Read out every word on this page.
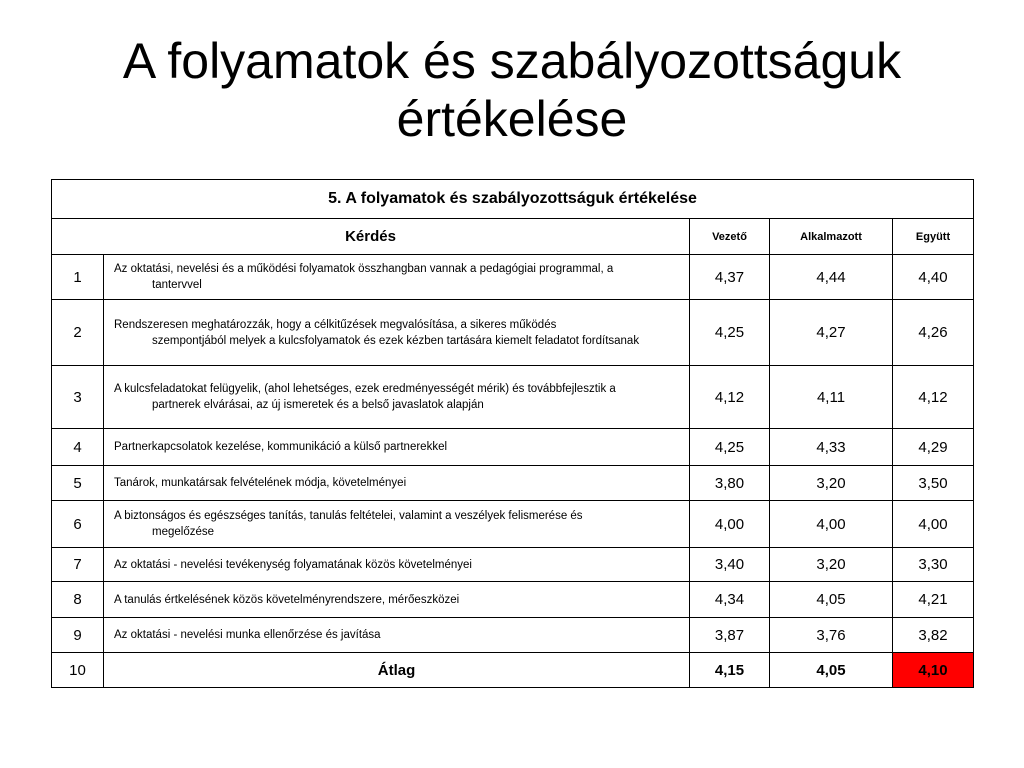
A folyamatok és szabályozottságuk
értékelése
5. A folyamatok és szabályozottságuk értékelése				
Kérdés		Vezető	Alkalmazott	Együtt
1	Az oktatási, nevelési és a működési folyamatok összhangban vannak a pedagógiai programmal, a
tantervvel	4,37	4,44	4,40
2	Rendszeresen meghatározzák, hogy a célkitűzések megvalósítása, a sikeres működés
szempontjából melyek a kulcsfolyamatok és ezek kézben tartására kiemelt feladatot fordítsanak	4,25	4,27	4,26
3	A kulcsfeladatokat felügyelik, (ahol lehetséges, ezek eredményességét mérik) és továbbfejlesztik a
partnerek elvárásai, az új ismeretek és a belső javaslatok alapján	4,12	4,11	4,12
4	Partnerkapcsolatok kezelése, kommunikáció a külső partnerekkel	4,25	4,33	4,29
5	Tanárok, munkatársak felvételének módja, követelményei	3,80	3,20	3,50
6	A biztonságos és egészséges tanítás, tanulás feltételei, valamint a veszélyek felismerése és
megelőzése	4,00	4,00	4,00
7	Az oktatási - nevelési tevékenység folyamatának közös követelményei	3,40	3,20	3,30
8	A tanulás értkelésének közös követelményrendszere, mérőeszközei	4,34	4,05	4,21
9	Az oktatási - nevelési munka ellenőrzése és javítása	3,87	3,76	3,82
10	Átlag	4,15	4,05	4,10
